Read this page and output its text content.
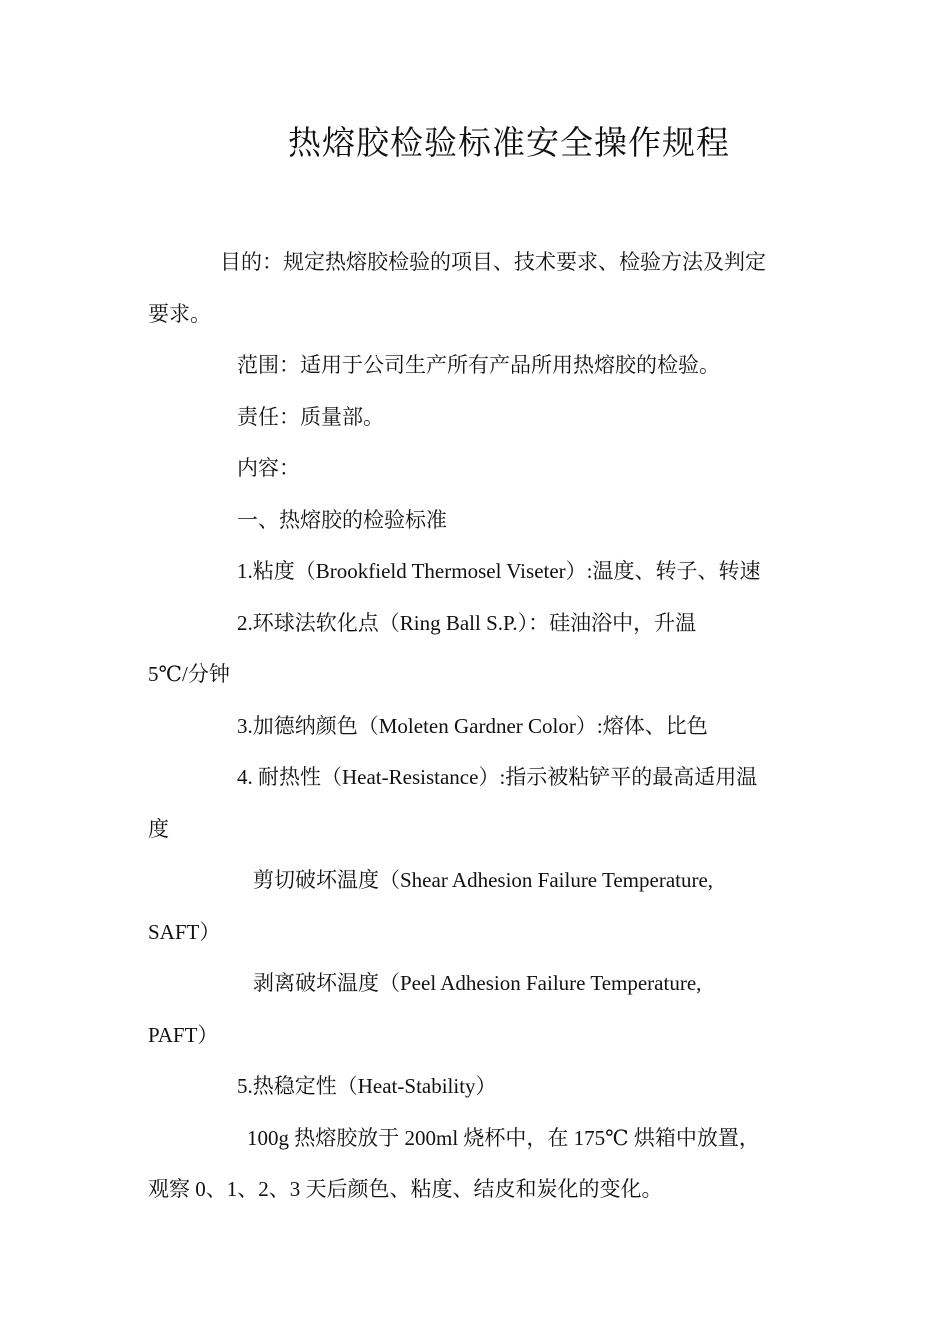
热熔胶检验标准安全操作规程
目的：规定热熔胶检验的项目、技术要求、检验方法及判定
要求。
范围：适用于公司生产所有产品所用热熔胶的检验。
责任：质量部。
内容：
一、热熔胶的检验标准
1.粘度（Brookfield Thermosel Viseter）:温度、转子、转速
2.环球法软化点（Ring Ball S.P.）：硅油浴中，升温
5℃/分钟
3.加德纳颜色（Moleten Gardner Color）:熔体、比色
4. 耐热性（Heat-Resistance）:指示被粘铲平的最高适用温
度
剪切破坏温度（Shear Adhesion Failure Temperature,
SAFT）
剥离破坏温度（Peel Adhesion Failure Temperature,
PAFT）
5.热稳定性（Heat-Stability）
100g 热熔胶放于 200ml 烧杯中，在 175℃ 烘箱中放置，
观察 0、1、2、3 天后颜色、粘度、结皮和炭化的变化。
